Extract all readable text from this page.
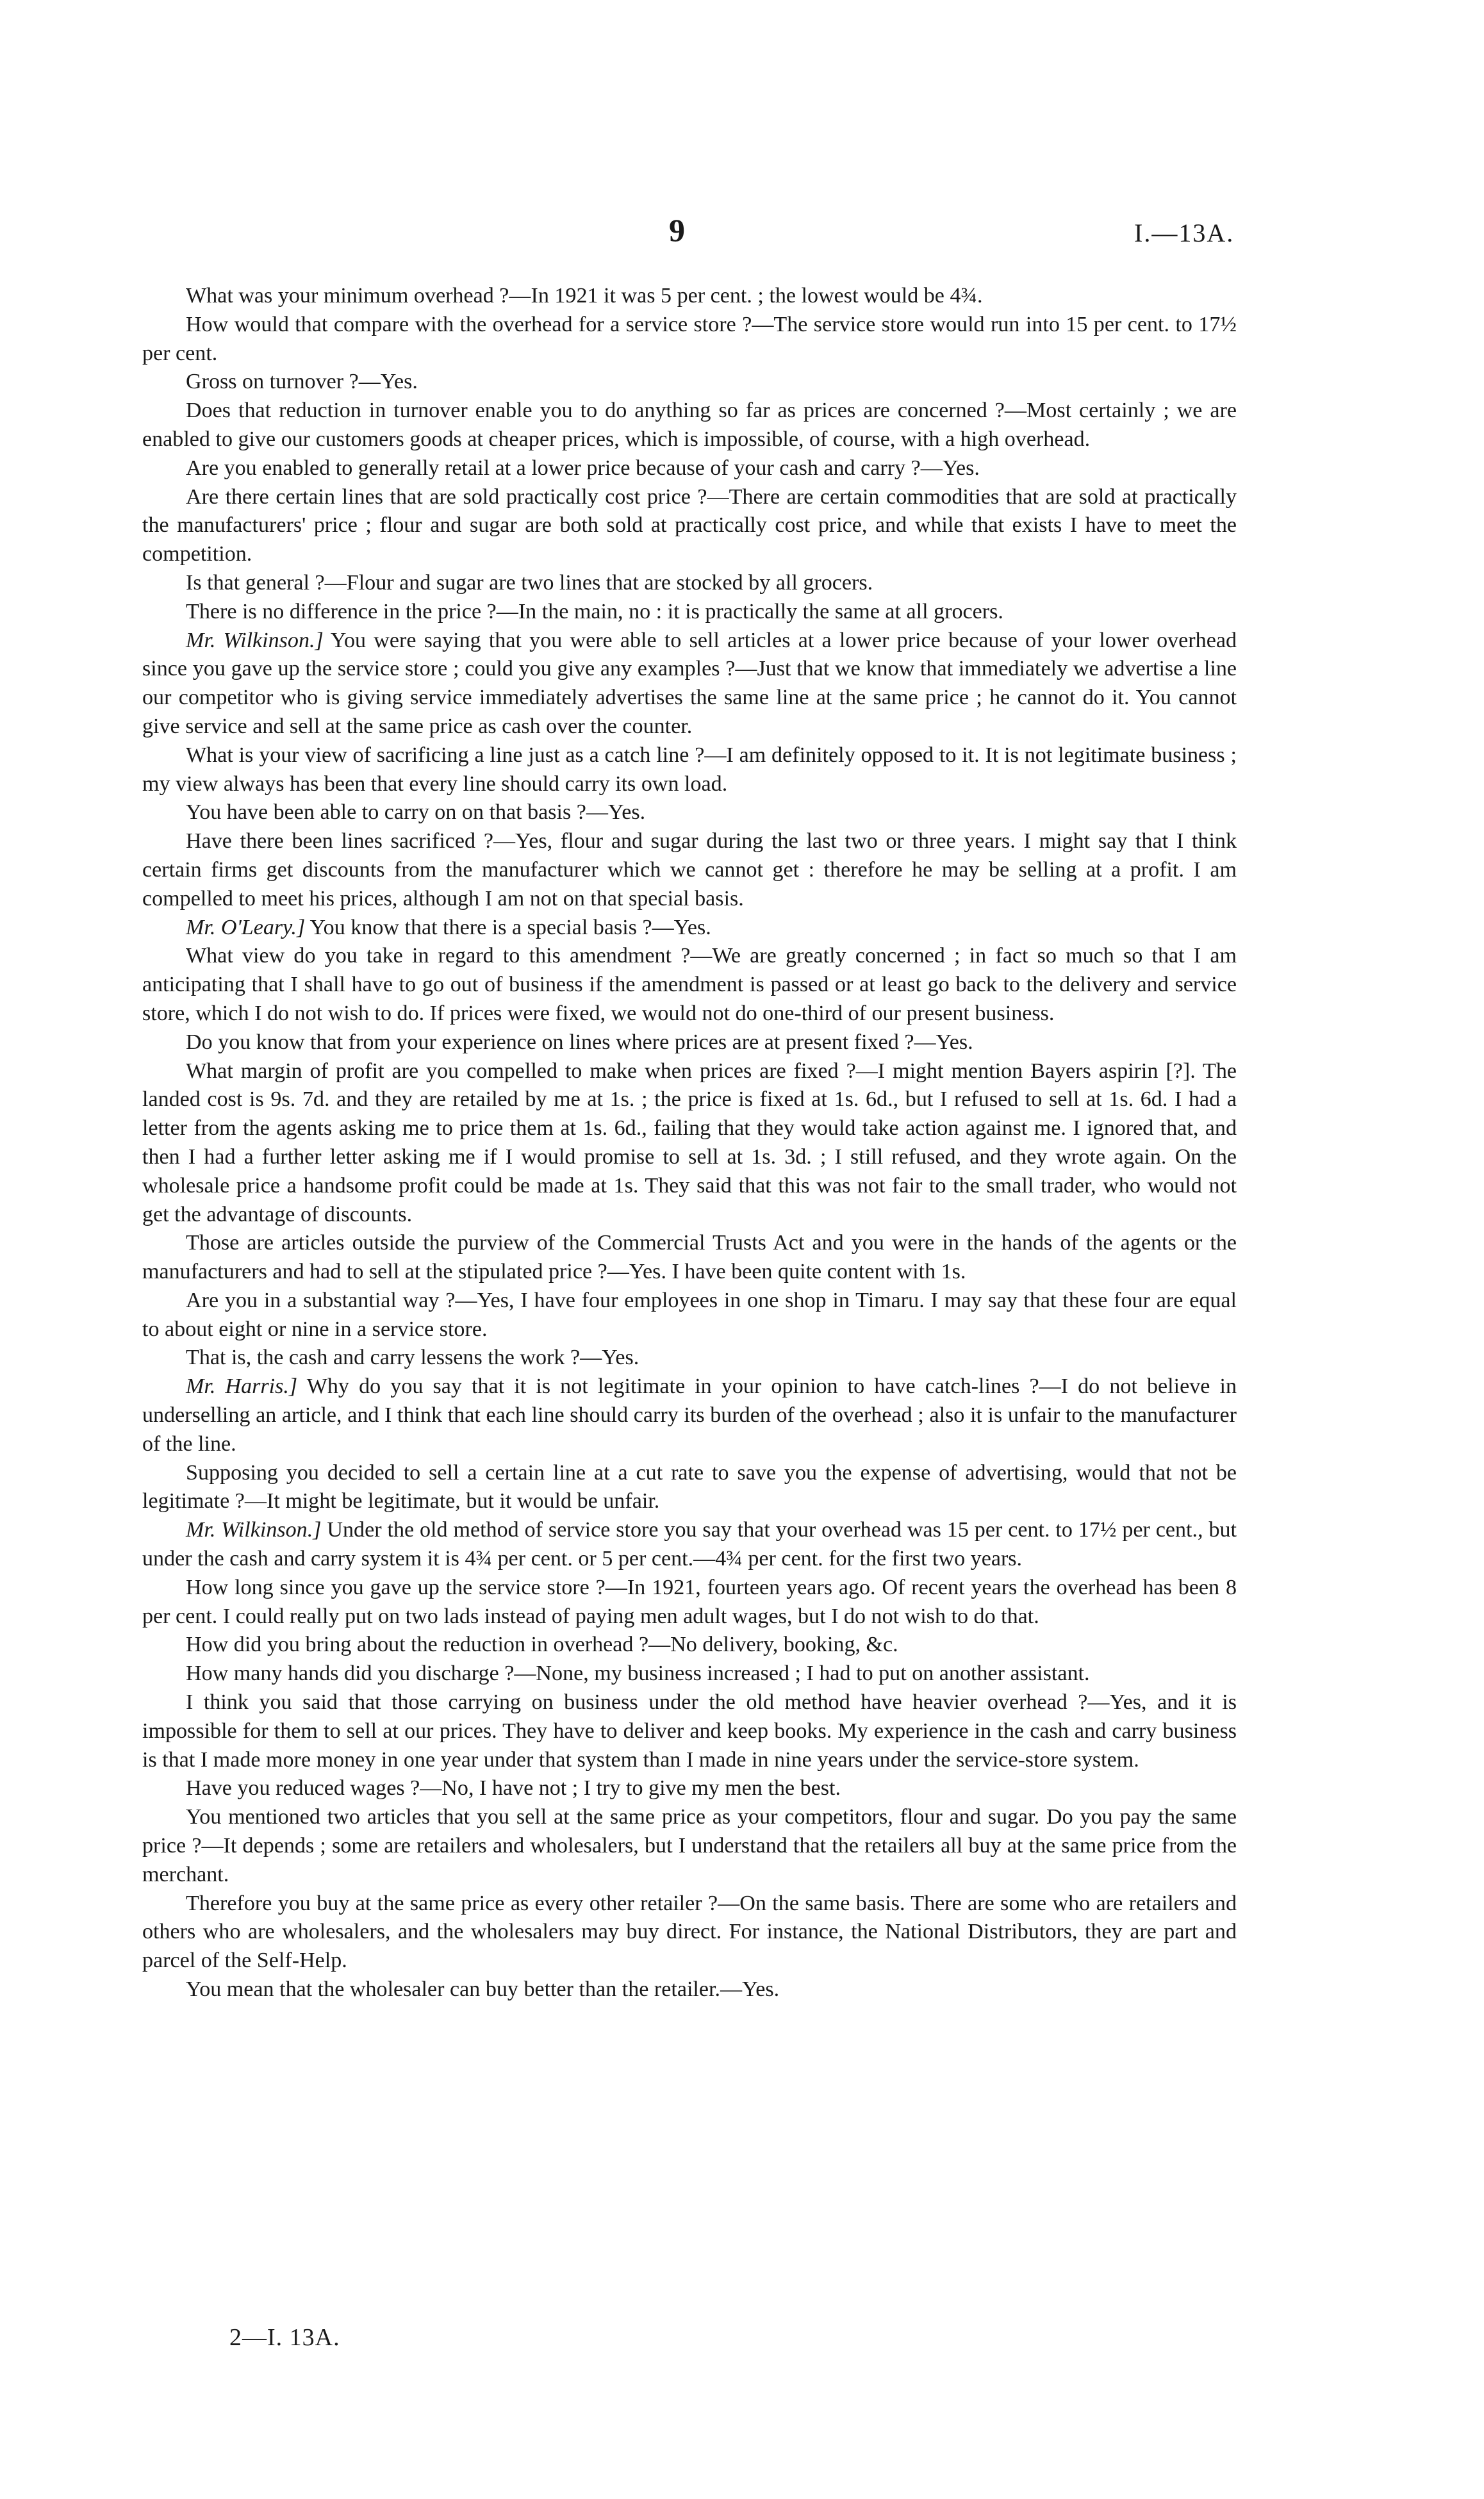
9	I.—13A.

What was your minimum overhead ?—In 1921 it was 5 per cent. ; the lowest would be 4¾.

How would that compare with the overhead for a service store ?—The service store would run into 15 per cent. to 17½ per cent.

Gross on turnover ?—Yes.

Does that reduction in turnover enable you to do anything so far as prices are concerned ?—Most certainly ; we are enabled to give our customers goods at cheaper prices, which is impossible, of course, with a high overhead.

Are you enabled to generally retail at a lower price because of your cash and carry ?—Yes.

Are there certain lines that are sold practically cost price ?—There are certain commodities that are sold at practically the manufacturers' price ; flour and sugar are both sold at practically cost price, and while that exists I have to meet the competition.

Is that general ?—Flour and sugar are two lines that are stocked by all grocers.

There is no difference in the price ?—In the main, no : it is practically the same at all grocers.

Mr. Wilkinson.] You were saying that you were able to sell articles at a lower price because of your lower overhead since you gave up the service store ; could you give any examples ?—Just that we know that immediately we advertise a line our competitor who is giving service immediately advertises the same line at the same price ; he cannot do it. You cannot give service and sell at the same price as cash over the counter.

What is your view of sacrificing a line just as a catch line ?—I am definitely opposed to it. It is not legitimate business ; my view always has been that every line should carry its own load.

You have been able to carry on on that basis ?—Yes.

Have there been lines sacrificed ?—Yes, flour and sugar during the last two or three years. I might say that I think certain firms get discounts from the manufacturer which we cannot get : therefore he may be selling at a profit. I am compelled to meet his prices, although I am not on that special basis.

Mr. O'Leary.] You know that there is a special basis ?—Yes.

What view do you take in regard to this amendment ?—We are greatly concerned ; in fact so much so that I am anticipating that I shall have to go out of business if the amendment is passed or at least go back to the delivery and service store, which I do not wish to do. If prices were fixed, we would not do one-third of our present business.

Do you know that from your experience on lines where prices are at present fixed ?—Yes.

What margin of profit are you compelled to make when prices are fixed ?—I might mention Bayers aspirin [?]. The landed cost is 9s. 7d. and they are retailed by me at 1s. ; the price is fixed at 1s. 6d., but I refused to sell at 1s. 6d. I had a letter from the agents asking me to price them at 1s. 6d., failing that they would take action against me. I ignored that, and then I had a further letter asking me if I would promise to sell at 1s. 3d. ; I still refused, and they wrote again. On the wholesale price a handsome profit could be made at 1s. They said that this was not fair to the small trader, who would not get the advantage of discounts.

Those are articles outside the purview of the Commercial Trusts Act and you were in the hands of the agents or the manufacturers and had to sell at the stipulated price ?—Yes. I have been quite content with 1s.

Are you in a substantial way ?—Yes, I have four employees in one shop in Timaru. I may say that these four are equal to about eight or nine in a service store.

That is, the cash and carry lessens the work ?—Yes.

Mr. Harris.] Why do you say that it is not legitimate in your opinion to have catch-lines ?—I do not believe in underselling an article, and I think that each line should carry its burden of the overhead ; also it is unfair to the manufacturer of the line.

Supposing you decided to sell a certain line at a cut rate to save you the expense of advertising, would that not be legitimate ?—It might be legitimate, but it would be unfair.

Mr. Wilkinson.] Under the old method of service store you say that your overhead was 15 per cent. to 17½ per cent., but under the cash and carry system it is 4¾ per cent. or 5 per cent.—4¾ per cent. for the first two years.

How long since you gave up the service store ?—In 1921, fourteen years ago. Of recent years the overhead has been 8 per cent. I could really put on two lads instead of paying men adult wages, but I do not wish to do that.

How did you bring about the reduction in overhead ?—No delivery, booking, &c.

How many hands did you discharge ?—None, my business increased ; I had to put on another assistant.

I think you said that those carrying on business under the old method have heavier overhead ?—Yes, and it is impossible for them to sell at our prices. They have to deliver and keep books. My experience in the cash and carry business is that I made more money in one year under that system than I made in nine years under the service-store system.

Have you reduced wages ?—No, I have not ; I try to give my men the best.

You mentioned two articles that you sell at the same price as your competitors, flour and sugar. Do you pay the same price ?—It depends ; some are retailers and wholesalers, but I understand that the retailers all buy at the same price from the merchant.

Therefore you buy at the same price as every other retailer ?—On the same basis. There are some who are retailers and others who are wholesalers, and the wholesalers may buy direct. For instance, the National Distributors, they are part and parcel of the Self-Help.

You mean that the wholesaler can buy better than the retailer.—Yes.

2—I. 13A.
